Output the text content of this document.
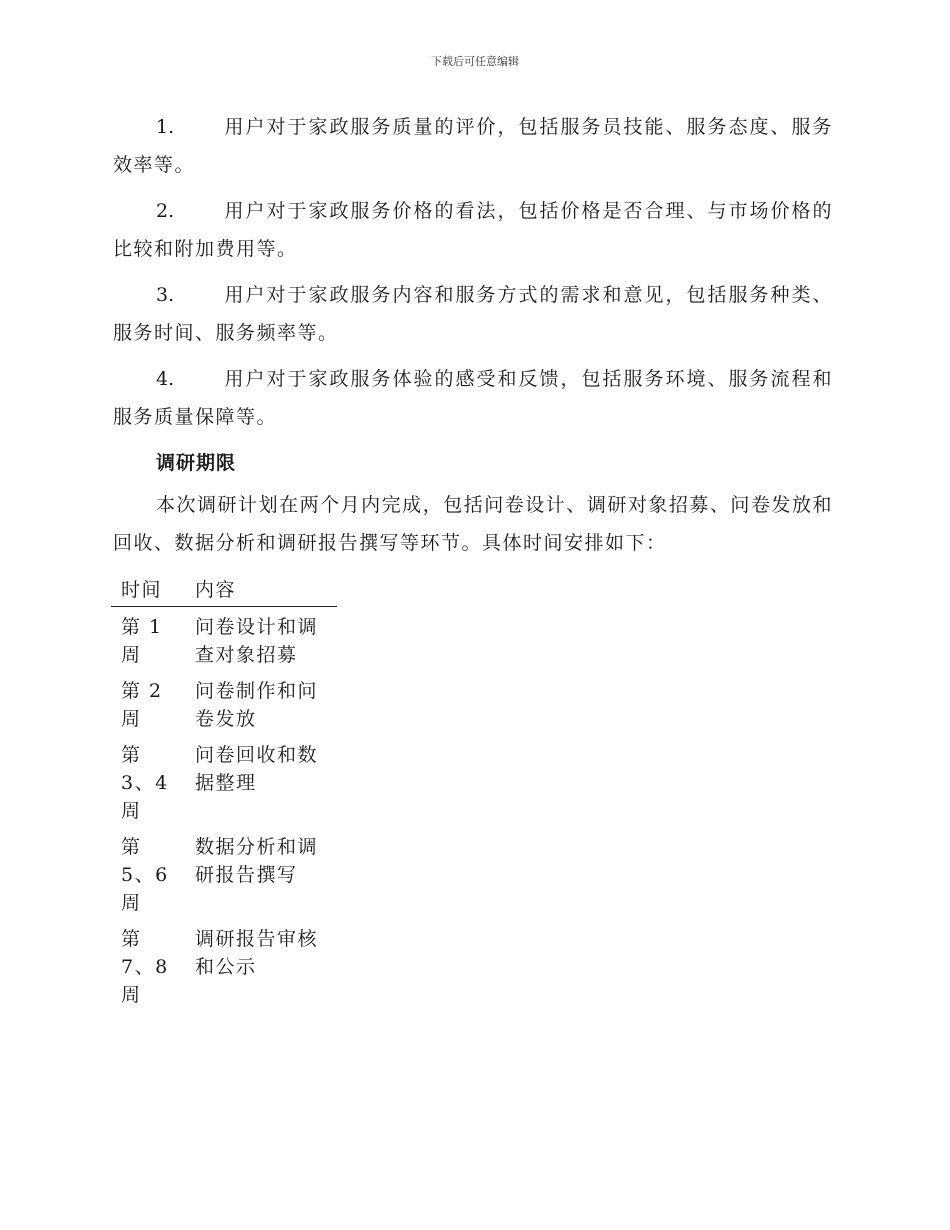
下载后可任意编辑

1.	用户对于家政服务质量的评价，包括服务员技能、服务态度、服务效率等。

2.	用户对于家政服务价格的看法，包括价格是否合理、与市场价格的比较和附加费用等。

3.	用户对于家政服务内容和服务方式的需求和意见，包括服务种类、服务时间、服务频率等。

4.	用户对于家政服务体验的感受和反馈，包括服务环境、服务流程和服务质量保障等。

调研期限

本次调研计划在两个月内完成，包括问卷设计、调研对象招募、问卷发放和回收、数据分析和调研报告撰写等环节。具体时间安排如下：

时间	内容
第 1 周	问卷设计和调查对象招募
第 2 周	问卷制作和问卷发放
第 3、4 周	问卷回收和数据整理
第 5、6 周	数据分析和调研报告撰写
第 7、8 周	调研报告审核和公示
